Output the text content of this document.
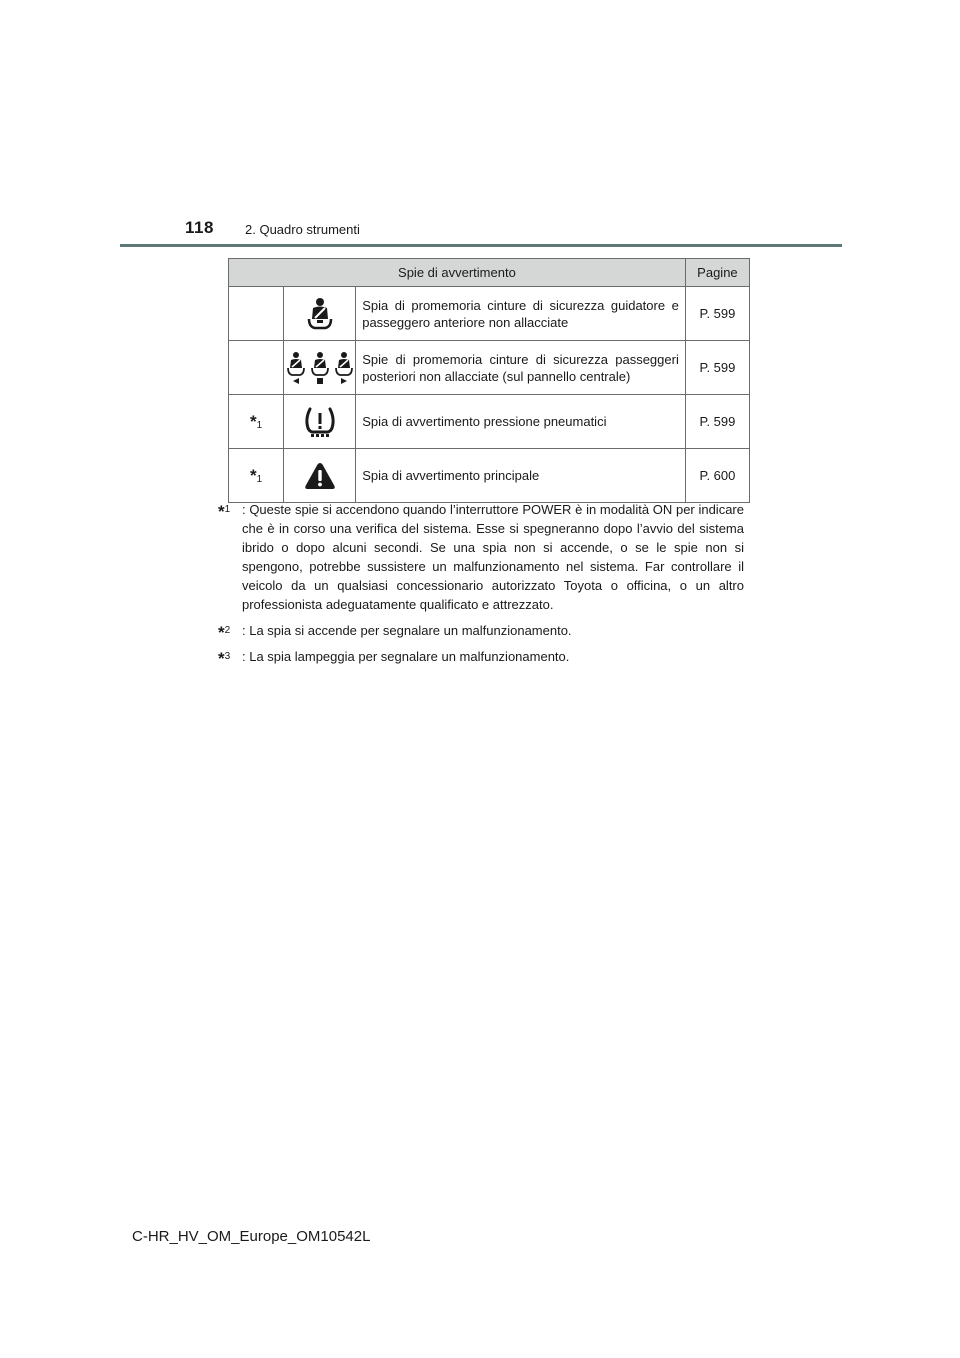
118 2. Quadro strumenti
Spie di avvertimento			Pagine
		Spia di promemoria cinture di sicurezza guidatore e passeggero anteriore non allacciate	P. 599
		Spie di promemoria cinture di sicurezza passeggeri posteriori non allacciate (sul pannello centrale)	P. 599
$*_1$		Spia di avvertimento pressione pneumatici	P. 599
$*_1$		Spia di avvertimento principale	P. 600
*$^1$ : Queste spie si accendono quando l’interruttore POWER è in modalità ON per indicare che è in corso una verifica del sistema. Esse si spegneranno dopo l’avvio del sistema ibrido o dopo alcuni secondi. Se una spia non si accende, o se le spie non si spengono, potrebbe sussistere un malfunzionamento nel sistema. Far controllare il veicolo da un qualsiasi concessionario autorizzato Toyota o officina, o un altro professionista adeguatamente qualificato e attrezzato.
*$^2$ : La spia si accende per segnalare un malfunzionamento.
*$^3$ : La spia lampeggia per segnalare un malfunzionamento.
C-HR_HV_OM_Europe_OM10542L
